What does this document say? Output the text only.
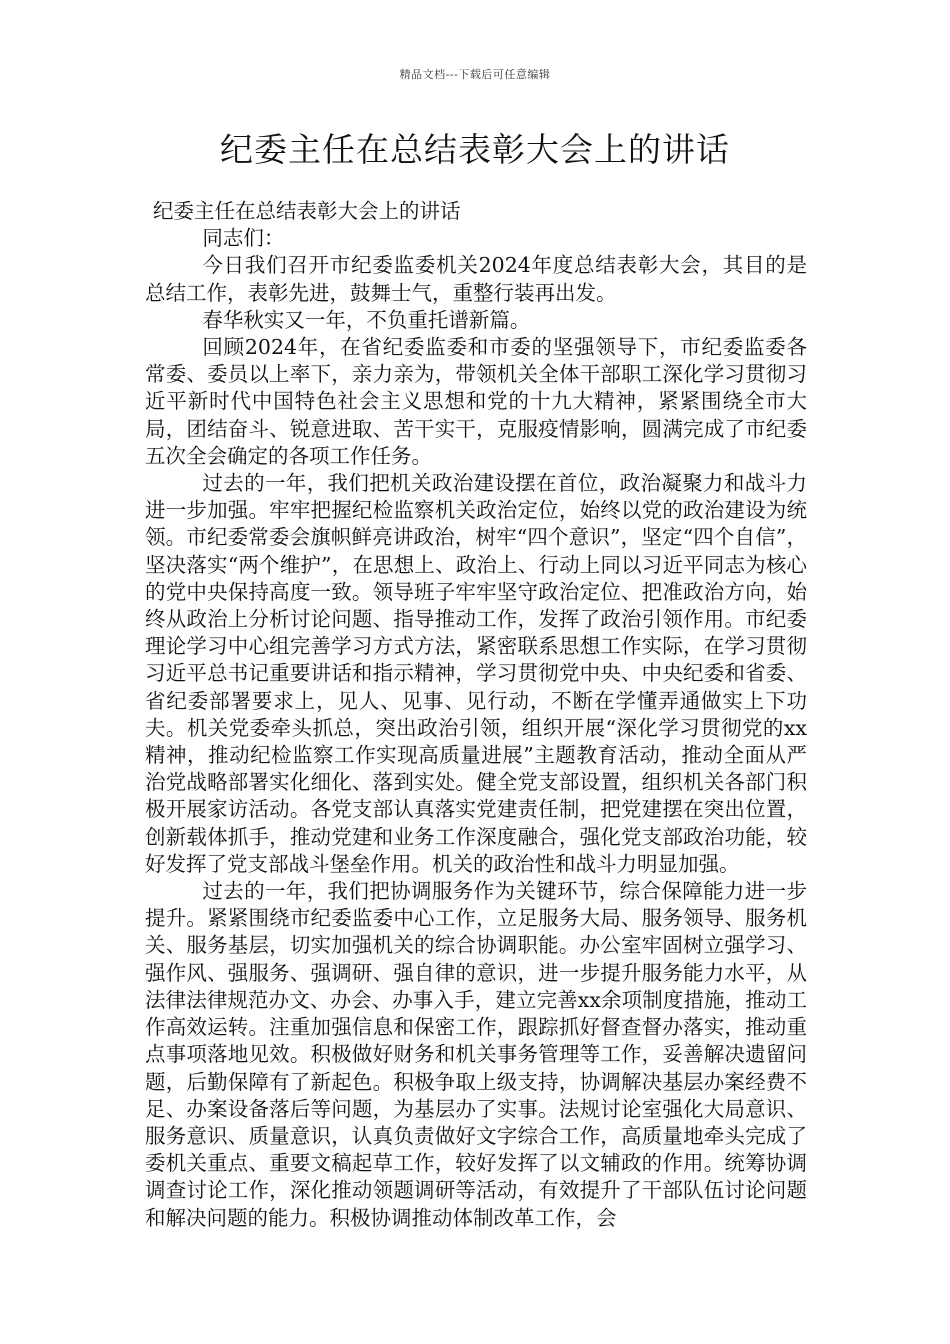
精品文档---下载后可任意编辑
纪委主任在总结表彰大会上的讲话

纪委主任在总结表彰大会上的讲话

同志们：

今日我们召开市纪委监委机关2024年度总结表彰大会，其目的是总结工作，表彰先进，鼓舞士气，重整行装再出发。

春华秋实又一年，不负重托谱新篇。

回顾2024年，在省纪委监委和市委的坚强领导下，市纪委监委各常委、委员以上率下，亲力亲为，带领机关全体干部职工深化学习贯彻习近平新时代中国特色社会主义思想和党的十九大精神，紧紧围绕全市大局，团结奋斗、锐意进取、苦干实干，克服疫情影响，圆满完成了市纪委五次全会确定的各项工作任务。

过去的一年，我们把机关政治建设摆在首位，政治凝聚力和战斗力进一步加强。牢牢把握纪检监察机关政治定位，始终以党的政治建设为统领。市纪委常委会旗帜鲜亮讲政治，树牢“四个意识”，坚定“四个自信”，坚决落实“两个维护”，在思想上、政治上、行动上同以习近平同志为核心的党中央保持高度一致。领导班子牢牢坚守政治定位、把准政治方向，始终从政治上分析讨论问题、指导推动工作，发挥了政治引领作用。市纪委理论学习中心组完善学习方式方法，紧密联系思想工作实际，在学习贯彻习近平总书记重要讲话和指示精神，学习贯彻党中央、中央纪委和省委、省纪委部署要求上，见人、见事、见行动，不断在学懂弄通做实上下功夫。机关党委牵头抓总，突出政治引领，组织开展“深化学习贯彻党的xx精神，推动纪检监察工作实现高质量进展”主题教育活动，推动全面从严治党战略部署实化细化、落到实处。健全党支部设置，组织机关各部门积极开展家访活动。各党支部认真落实党建责任制，把党建摆在突出位置，创新载体抓手，推动党建和业务工作深度融合，强化党支部政治功能，较好发挥了党支部战斗堡垒作用。机关的政治性和战斗力明显加强。

过去的一年，我们把协调服务作为关键环节，综合保障能力进一步提升。紧紧围绕市纪委监委中心工作，立足服务大局、服务领导、服务机关、服务基层，切实加强机关的综合协调职能。办公室牢固树立强学习、强作风、强服务、强调研、强自律的意识，进一步提升服务能力水平，从法律法律规范办文、办会、办事入手，建立完善xx余项制度措施，推动工作高效运转。注重加强信息和保密工作，跟踪抓好督查督办落实，推动重点事项落地见效。积极做好财务和机关事务管理等工作，妥善解决遗留问题，后勤保障有了新起色。积极争取上级支持，协调解决基层办案经费不足、办案设备落后等问题，为基层办了实事。法规讨论室强化大局意识、服务意识、质量意识，认真负责做好文字综合工作，高质量地牵头完成了委机关重点、重要文稿起草工作，较好发挥了以文辅政的作用。统筹协调调查讨论工作，深化推动领题调研等活动，有效提升了干部队伍讨论问题和解决问题的能力。积极协调推动体制改革工作，会
